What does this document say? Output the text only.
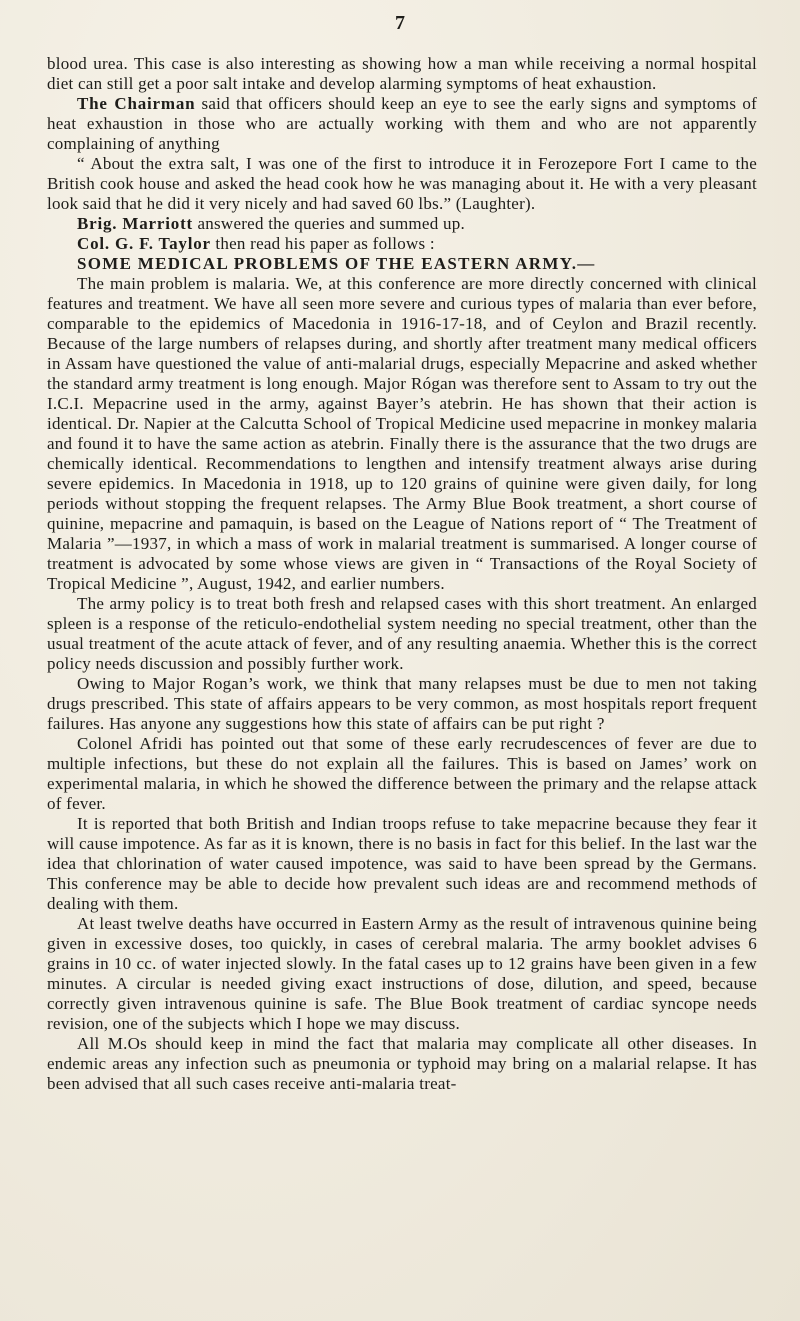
7

blood urea. This case is also interesting as showing how a man while receiving a normal hospital diet can still get a poor salt intake and develop alarming symptoms of heat exhaustion.

The Chairman said that officers should keep an eye to see the early signs and symptoms of heat exhaustion in those who are actually working with them and who are not apparently complaining of anything

“ About the extra salt, I was one of the first to introduce it in Ferozepore Fort I came to the British cook house and asked the head cook how he was managing about it. He with a very pleasant look said that he did it very nicely and had saved 60 lbs.” (Laughter).

Brig. Marriott answered the queries and summed up.

Col. G. F. Taylor then read his paper as follows :

SOME MEDICAL PROBLEMS OF THE EASTERN ARMY.—

The main problem is malaria. We, at this conference are more directly concerned with clinical features and treatment. We have all seen more severe and curious types of malaria than ever before, comparable to the epidemics of Macedonia in 1916-17-18, and of Ceylon and Brazil recently. Because of the large numbers of relapses during, and shortly after treatment many medical officers in Assam have questioned the value of anti-malarial drugs, especially Mepacrine and asked whether the standard army treatment is long enough. Major Rógan was therefore sent to Assam to try out the I.C.I. Mepacrine used in the army, against Bayer’s atebrin. He has shown that their action is identical. Dr. Napier at the Calcutta School of Tropical Medicine used mepacrine in monkey malaria and found it to have the same action as atebrin. Finally there is the assurance that the two drugs are chemically identical. Recommendations to lengthen and intensify treatment always arise during severe epidemics. In Macedonia in 1918, up to 120 grains of quinine were given daily, for long periods without stopping the frequent relapses. The Army Blue Book treatment, a short course of quinine, mepacrine and pamaquin, is based on the League of Nations report of “ The Treatment of Malaria ”—1937, in which a mass of work in malarial treatment is summarised. A longer course of treatment is advocated by some whose views are given in “ Transactions of the Royal Society of Tropical Medicine ”, August, 1942, and earlier numbers.

The army policy is to treat both fresh and relapsed cases with this short treatment. An enlarged spleen is a response of the reticulo-endothelial system needing no special treatment, other than the usual treatment of the acute attack of fever, and of any resulting anaemia. Whether this is the correct policy needs discussion and possibly further work.

Owing to Major Rogan’s work, we think that many relapses must be due to men not taking drugs prescribed. This state of affairs appears to be very common, as most hospitals report frequent failures. Has anyone any suggestions how this state of affairs can be put right ?

Colonel Afridi has pointed out that some of these early recrudescences of fever are due to multiple infections, but these do not explain all the failures. This is based on James’ work on experimental malaria, in which he showed the difference between the primary and the relapse attack of fever.

It is reported that both British and Indian troops refuse to take mepacrine because they fear it will cause impotence. As far as it is known, there is no basis in fact for this belief. In the last war the idea that chlorination of water caused impotence, was said to have been spread by the Germans. This conference may be able to decide how prevalent such ideas are and recommend methods of dealing with them.

At least twelve deaths have occurred in Eastern Army as the result of intravenous quinine being given in excessive doses, too quickly, in cases of cerebral malaria. The army booklet advises 6 grains in 10 cc. of water injected slowly. In the fatal cases up to 12 grains have been given in a few minutes. A circular is needed giving exact instructions of dose, dilution, and speed, because correctly given intravenous quinine is safe. The Blue Book treatment of cardiac syncope needs revision, one of the subjects which I hope we may discuss.

All M.Os should keep in mind the fact that malaria may complicate all other diseases. In endemic areas any infection such as pneumonia or typhoid may bring on a malarial relapse. It has been advised that all such cases receive anti-malaria treat-
